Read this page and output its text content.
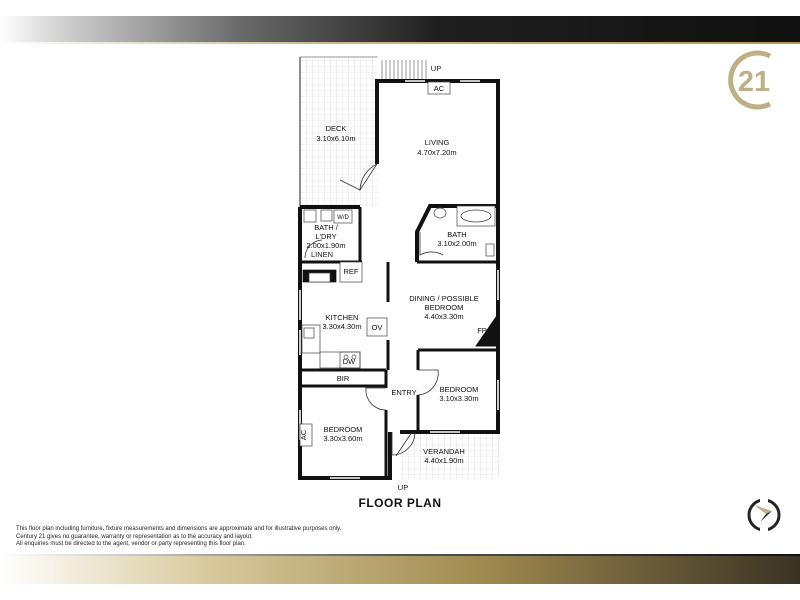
DECK
3.10x6.10m	LIVING
4.70x7.20m
BATH /
L'DRY
2.00x1.90m
LINEN
BATH
3.10x2.00m
DINING / POSSIBLE
BEDROOM
4.40x3.30m
KITCHEN
3.30x4.30m
BEDROOM
3.10x3.30m
BEDROOM
3.30x3.60m
VERANDAH
4.40x1.90m
AC
UP
W/D
FP
REF
OV
DW
BIR
FP
ENTRY
AC
UP
21
FLOOR PLAN
This floor plan including furniture, fixture measurements and dimensions are approximate and for illustrative purposes only.
Century 21 gives no guarantee, warranty or representation as to the accuracy and layout.
All enquiries must be directed to the agent, vendor or party representing this floor plan.
